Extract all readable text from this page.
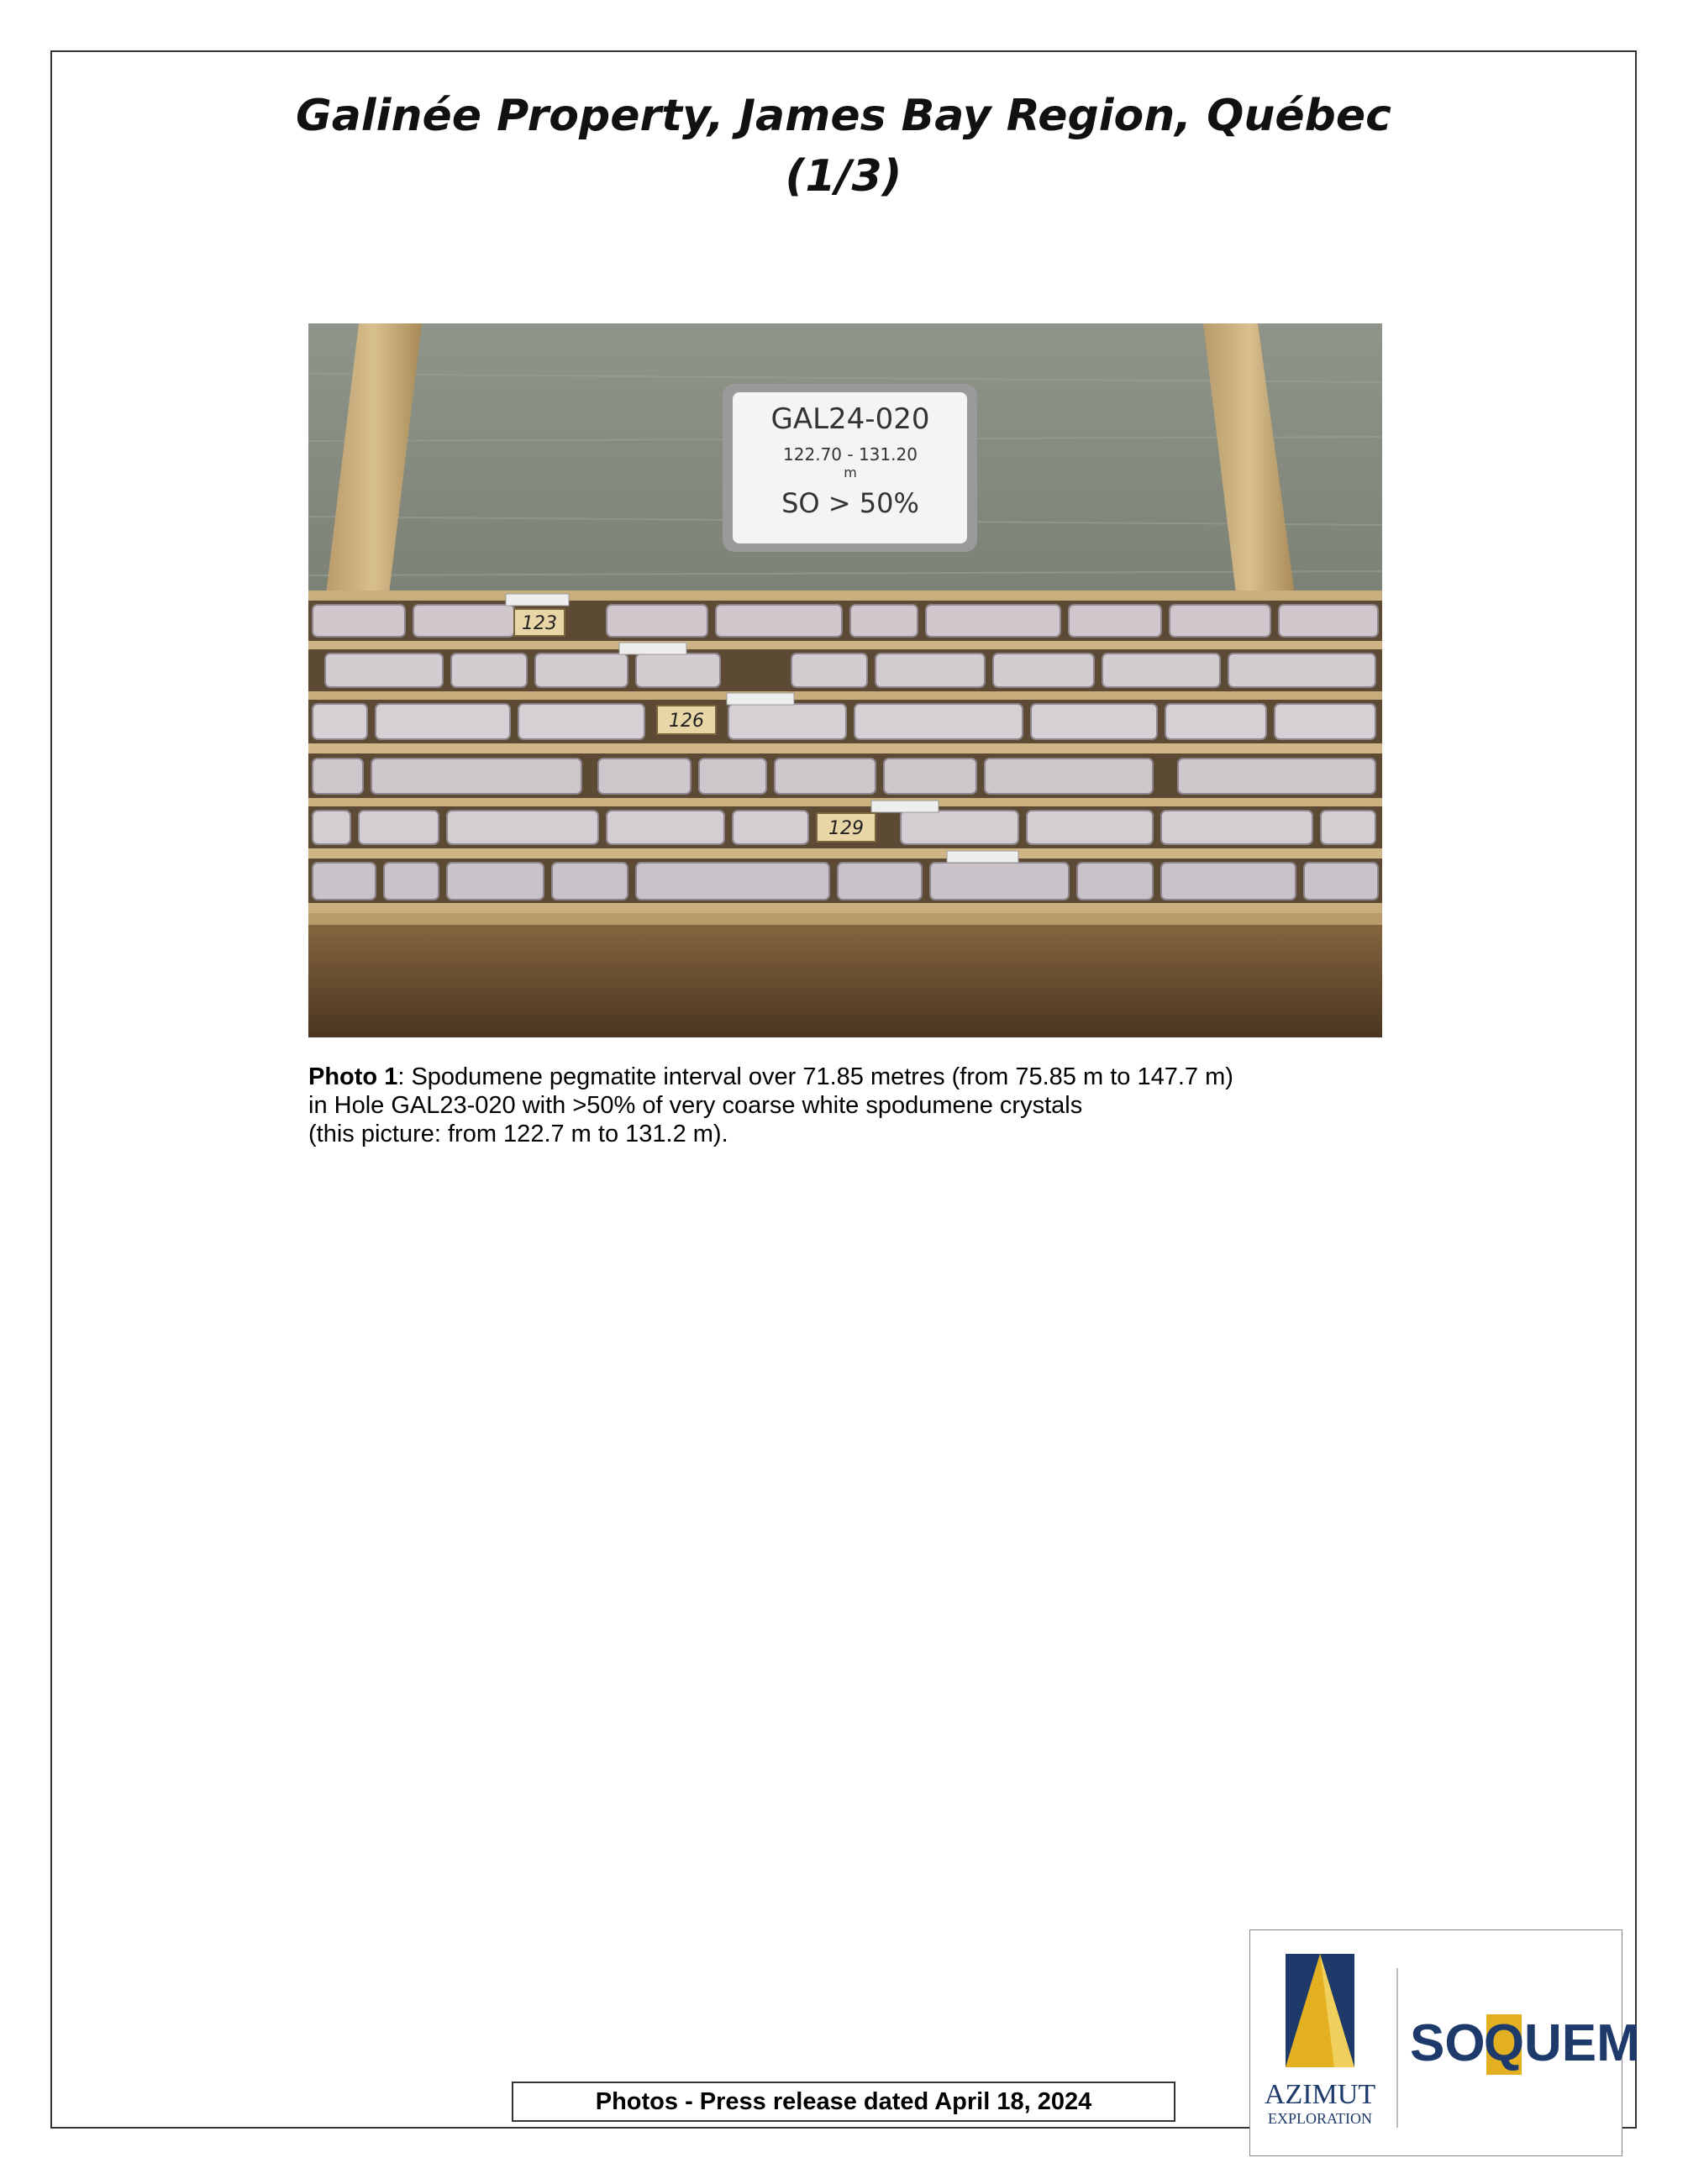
Galinée Property, James Bay Region, Québec
(1/3)
GAL24-020
122.70 - 131.20
m
SO > 50%
123
126
129
Photo 1: Spodumene pegmatite interval over 71.85 metres (from 75.85 m to 147.7 m)
in Hole GAL23-020 with >50% of very coarse white spodumene crystals
(this picture: from 122.7 m to 131.2 m).
Photos - Press release dated April 18, 2024	AZIMUT
EXPLORATION
SO
Q UEM
